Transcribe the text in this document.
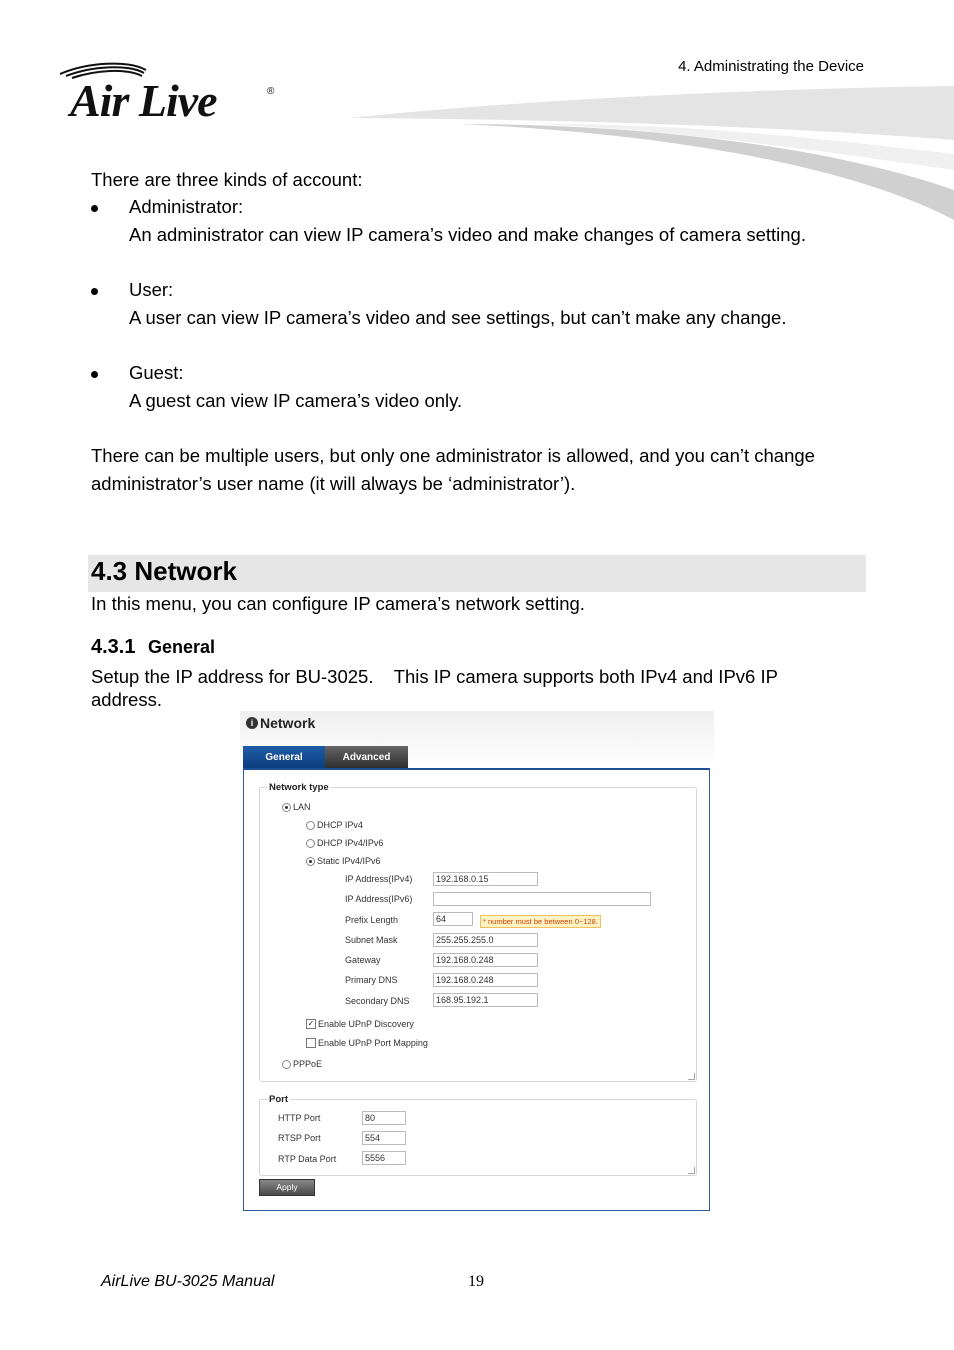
4. Administrating the Device
Air Live	®
There are three kinds of account:
Administrator:
An administrator can view IP camera’s video and make changes of camera setting.
User:
A user can view IP camera’s video and see settings, but can’t make any change.
Guest:
A guest can view IP camera’s video only.
There can be multiple users, but only one administrator is allowed, and you can’t change
administrator’s user name (it will always be ‘administrator’).
4.3 Network
In this menu, you can configure IP camera’s network setting.
4.3.1 General
Setup the IP address for BU-3025.    This IP camera supports both IPv4 and IPv6 IP
address.
i Network
General	Advanced
Network type
LAN
DHCP IPv4
DHCP IPv4/IPv6
Static IPv4/IPv6
IP Address(IPv4)	192.168.0.15
IP Address(IPv6)
Prefix Length	64	* number must be between 0~128.
Subnet Mask	255.255.255.0
Gateway	192.168.0.248
Primary DNS	192.168.0.248
Secondary DNS	168.95.192.1
✓ Enable UPnP Discovery
Enable UPnP Port Mapping
PPPoE
Port
HTTP Port	80
RTSP Port	554
RTP Data Port	5556
Apply
AirLive BU-3025 Manual	19
